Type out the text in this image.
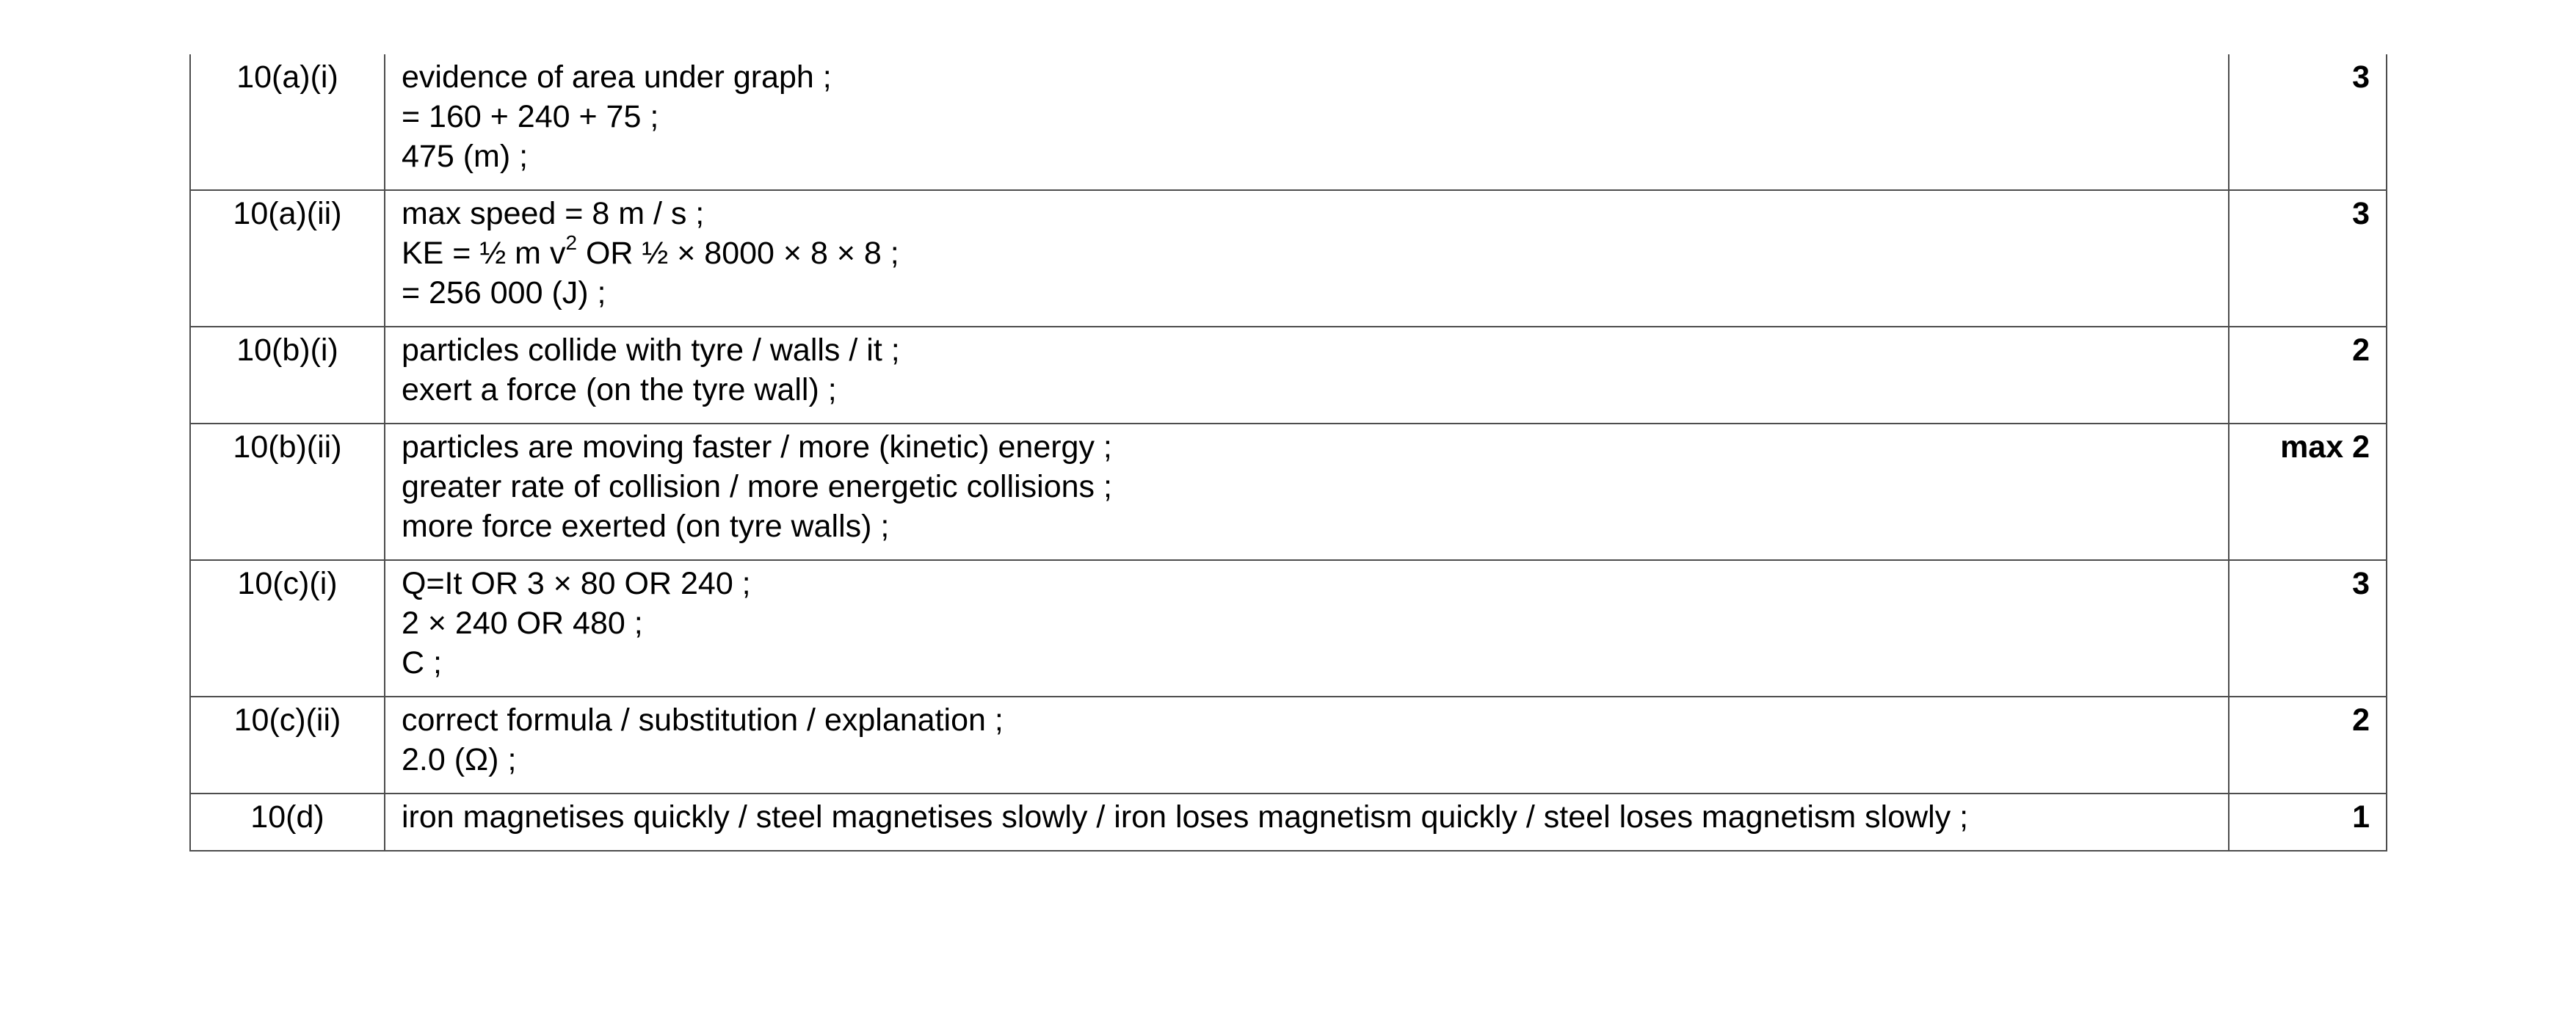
10(a)(i)	evidence of area under graph ;
= 160 + 240 + 75 ;
475 (m) ;	3
10(a)(ii)	max speed = 8 m / s ;
KE = ½ m $v^2$ OR ½ × 8000 × 8 × 8 ;
= 256 000 (J) ;	3
10(b)(i)	particles collide with tyre / walls / it ;
exert a force (on the tyre wall) ;	2
10(b)(ii)	particles are moving faster / more (kinetic) energy ;
greater rate of collision / more energetic collisions ;
more force exerted (on tyre walls) ;	max 2
10(c)(i)	Q=It OR 3 × 80 OR 240 ;
2 × 240 OR 480 ;
C ;	3
10(c)(ii)	correct formula / substitution / explanation ;
2.0 (Ω) ;	2
10(d)	iron magnetises quickly / steel magnetises slowly / iron loses magnetism quickly / steel loses magnetism slowly ;	1
